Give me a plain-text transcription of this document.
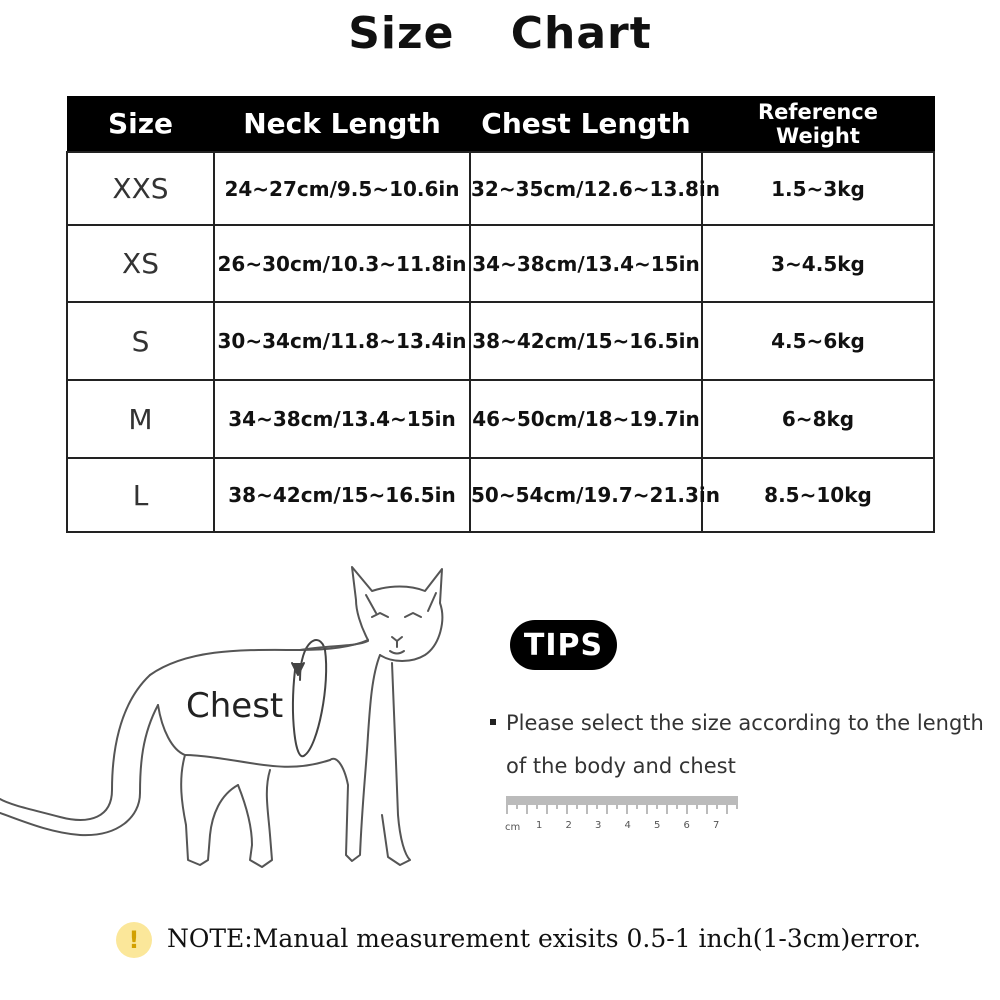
Size Chart
Size	Neck Length	Chest Length	Reference
Weight

XXS	24~27cm/9.5~10.6in	32~35cm/12.6~13.8in	1.5~3kg
XS	26~30cm/10.3~11.8in	34~38cm/13.4~15in	3~4.5kg
S	30~34cm/11.8~13.4in	38~42cm/15~16.5in	4.5~6kg
M	34~38cm/13.4~15in	46~50cm/18~19.7in	6~8kg
L	38~42cm/15~16.5in	50~54cm/19.7~21.3in	8.5~10kg
Chest
TIPS
Please select the size according to the length
of the body and chest
cm 1 2 3 4 5 6 7
!	NOTE:Manual measurement exisits 0.5-1 inch(1-3cm)error.
